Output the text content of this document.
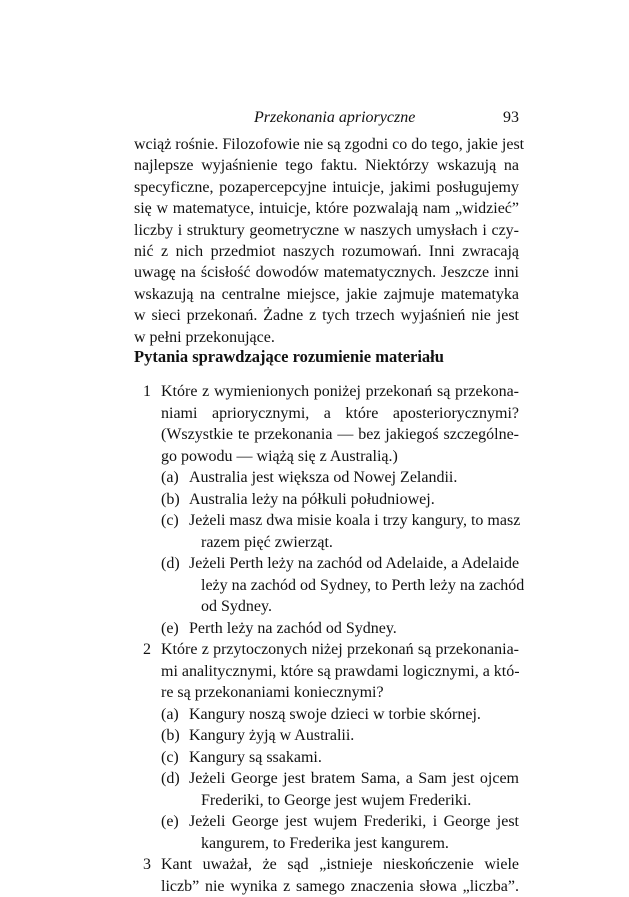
Przekonania aprioryczne	93
wciąż rośnie. Filozofowie nie są zgodni co do tego, jakie jest
najlepsze wyjaśnienie tego faktu. Niektórzy wskazują na
specyficzne, pozapercepcyjne intuicje, jakimi posługujemy
się w matematyce, intuicje, które pozwalają nam „widzieć”
liczby i struktury geometryczne w naszych umysłach i czy-
nić z nich przedmiot naszych rozumowań. Inni zwracają
uwagę na ścisłość dowodów matematycznych. Jeszcze inni
wskazują na centralne miejsce, jakie zajmuje matematyka
w sieci przekonań. Żadne z tych trzech wyjaśnień nie jest
w pełni przekonujące.
Pytania sprawdzające rozumienie materiału
1 Które z wymienionych poniżej przekonań są przekona-
niami apriorycznymi, a które aposteriorycznymi?
(Wszystkie te przekonania — bez jakiegoś szczególne-
go powodu — wiążą się z Australią.)
(a) Australia jest większa od Nowej Zelandii.
(b) Australia leży na półkuli południowej.
(c) Jeżeli masz dwa misie koala i trzy kangury, to masz
razem pięć zwierząt.
(d) Jeżeli Perth leży na zachód od Adelaide, a Adelaide
leży na zachód od Sydney, to Perth leży na zachód
od Sydney.
(e) Perth leży na zachód od Sydney.
2 Które z przytoczonych niżej przekonań są przekonania-
mi analitycznymi, które są prawdami logicznymi, a któ-
re są przekonaniami koniecznymi?
(a) Kangury noszą swoje dzieci w torbie skórnej.
(b) Kangury żyją w Australii.
(c) Kangury są ssakami.
(d) Jeżeli George jest bratem Sama, a Sam jest ojcem
Frederiki, to George jest wujem Frederiki.
(e) Jeżeli George jest wujem Frederiki, i George jest
kangurem, to Frederika jest kangurem.
3 Kant uważał, że sąd „istnieje nieskończenie wiele
liczb” nie wynika z samego znaczenia słowa „liczba”.
